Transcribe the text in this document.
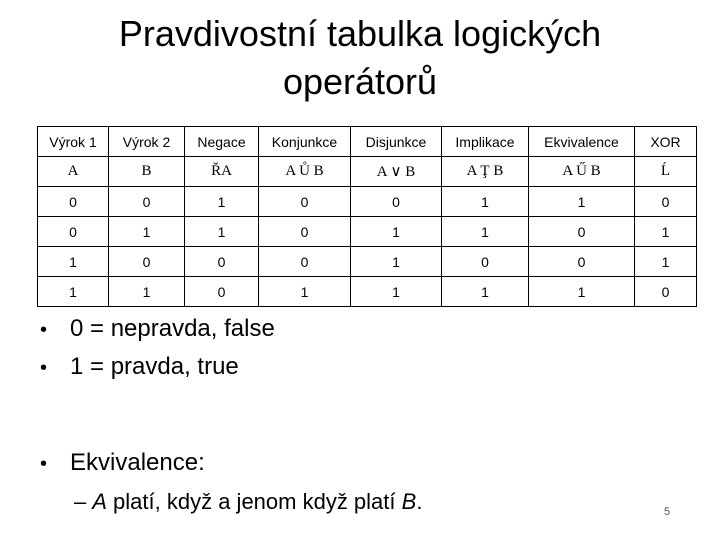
Pravdivostní tabulka logických operátorů
Výrok 1	Výrok 2	Negace	Konjunkce	Disjunkce	Implikace	Ekvivalence	XOR
A	B	ŘA	A Ů B	A ∨ B	A Ţ B	A Ű B	Ĺ
0	0	1	0	0	1	1	0
0	1	1	0	1	1	0	1
1	0	0	0	1	0	0	1
1	1	0	1	1	1	1	0
• 0 = nepravda, false
• 1 = pravda, true
• Ekvivalence:
– A platí, když a jenom když platí B.	5
